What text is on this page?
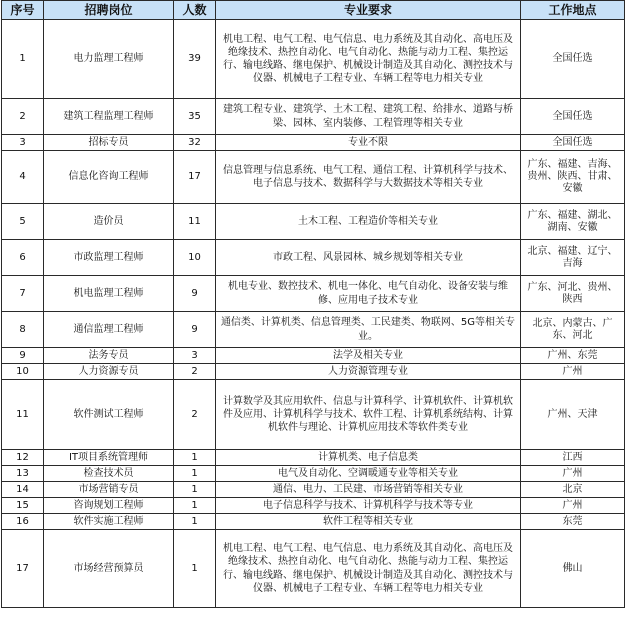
序号	招聘岗位	人数	专业要求	工作地点
1	电力监理工程师	39	机电工程、电气工程、电气信息、电力系统及其自动化、高电压及绝缘技术、热控自动化、电气自动化、热能与动力工程、集控运行、输电线路、继电保护、机械设计制造及其自动化、测控技术与仪器、机械电子工程专业、车辆工程等电力相关专业	全国任选
2	建筑工程监理工程师	35	建筑工程专业、建筑学、土木工程、建筑工程、给排水、道路与桥梁、园林、室内装修、工程管理等相关专业	全国任选
3	招标专员	32	专业不限	全国任选
4	信息化咨询工程师	17	信息管理与信息系统、电气工程、通信工程、计算机科学与技术、电子信息与技术、数据科学与大数据技术等相关专业	广东、福建、吉海、贵州、陕西、甘肃、安徽
5	造价员	11	土木工程、工程造价等相关专业	广东、福建、湖北、湖南、安徽
6	市政监理工程师	10	市政工程、风景园林、城乡规划等相关专业	北京、福建、辽宁、吉海
7	机电监理工程师	9	机电专业、数控技术、机电一体化、电气自动化、设备安装与维修、应用电子技术专业	广东、河北、贵州、陕西
8	通信监理工程师	9	通信类、计算机类、信息管理类、工民建类、物联网、5G等相关专业。	北京、内蒙古、广东、河北
9	法务专员	3	法学及相关专业	广州、东莞
10	人力资源专员	2	人力资源管理专业	广州
11	软件测试工程师	2	计算数学及其应用软件、信息与计算科学、计算机软件、计算机软件及应用、计算机科学与技术、软件工程、计算机系统结构、计算机软件与理论、计算机应用技术等软件类专业	广州、天津
12	IT项目系统管理师	1	计算机类、电子信息类	江西
13	检查技术员	1	电气及自动化、空调暖通专业等相关专业	广州
14	市场营销专员	1	通信、电力、工民建、市场营销等相关专业	北京
15	咨询规划工程师	1	电子信息科学与技术、计算机科学与技术等专业	广州
16	软件实施工程师	1	软件工程等相关专业	东莞
17	市场经营预算员	1	机电工程、电气工程、电气信息、电力系统及其自动化、高电压及绝缘技术、热控自动化、电气自动化、热能与动力工程、集控运行、输电线路、继电保护、机械设计制造及其自动化、测控技术与仪器、机械电子工程专业、车辆工程等电力相关专业	佛山
